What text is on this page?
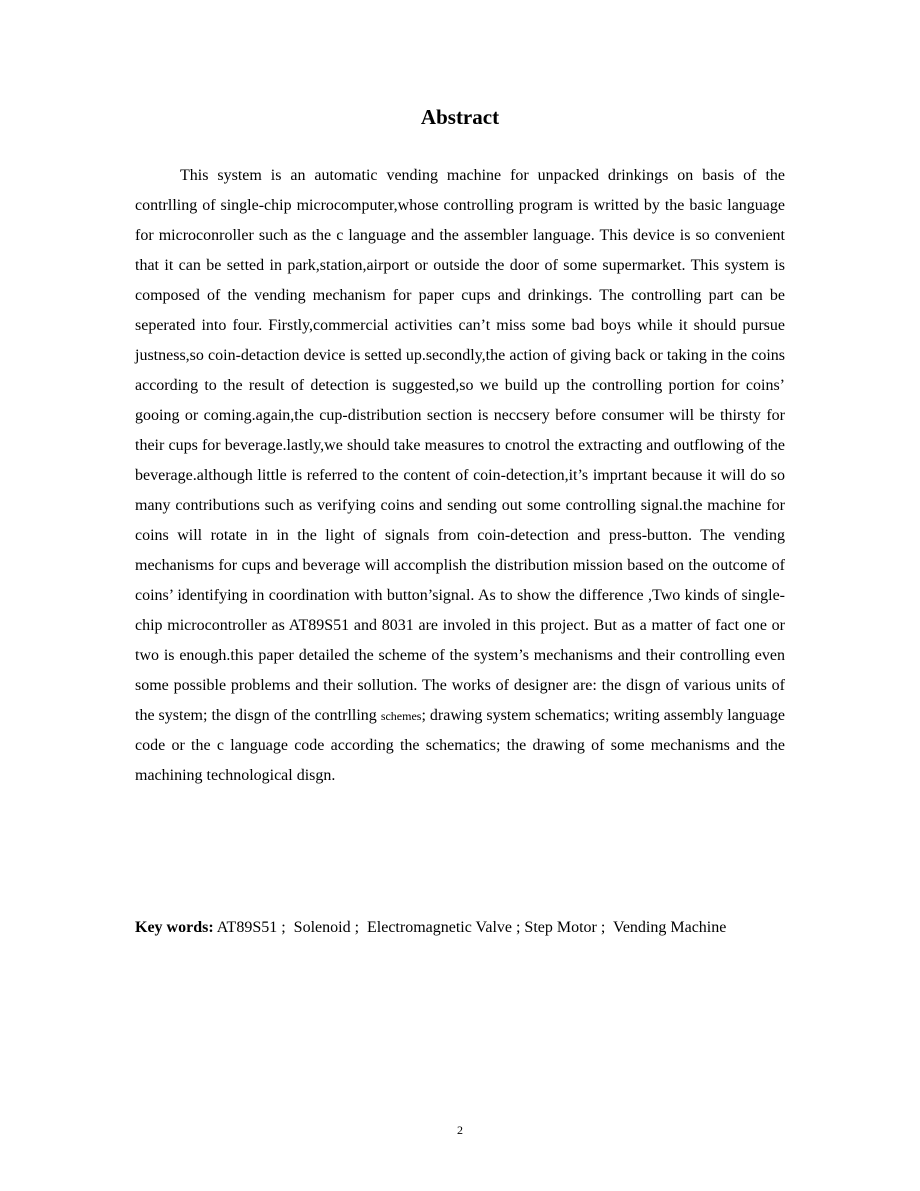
Abstract

This system is an automatic vending machine for unpacked drinkings on basis of the contrlling of single-chip microcomputer,whose controlling program is writted by the basic language for microconroller such as the c language and the assembler language. This device is so convenient that it can be setted in park,station,airport or outside the door of some supermarket. This system is composed of the vending mechanism for paper cups and drinkings. The controlling part can be seperated into four. Firstly,commercial activities can’t miss some bad boys while it should pursue justness,so coin-detaction device is setted up.secondly,the action of giving back or taking in the coins according to the result of detection is suggested,so we build up the controlling portion for coins’ gooing or coming.again,the cup-distribution section is neccsery before consumer will be thirsty for their cups for beverage.lastly,we should take measures to cnotrol the extracting and outflowing of the beverage.although little is referred to the content of coin-detection,it’s imprtant because it will do so many contributions such as verifying coins and sending out some controlling signal.the machine for coins will rotate in in the light of signals from coin-detection and press-button. The vending mechanisms for cups and beverage will accomplish the distribution mission based on the outcome of coins’ identifying in coordination with button’signal. As to show the difference ,Two kinds of single-chip microcontroller as AT89S51 and 8031 are involed in this project. But as a matter of fact one or two is enough.this paper detailed the scheme of the system’s mechanisms and their controlling even some possible problems and their sollution. The works of designer are: the disgn of various units of the system; the disgn of the contrlling schemes; drawing system schematics; writing assembly language code or the c language code according the schematics; the drawing of some mechanisms and the machining technological disgn.

Key words: AT89S51 ;  Solenoid ;  Electromagnetic Valve ; Step Motor ;  Vending Machine

2
